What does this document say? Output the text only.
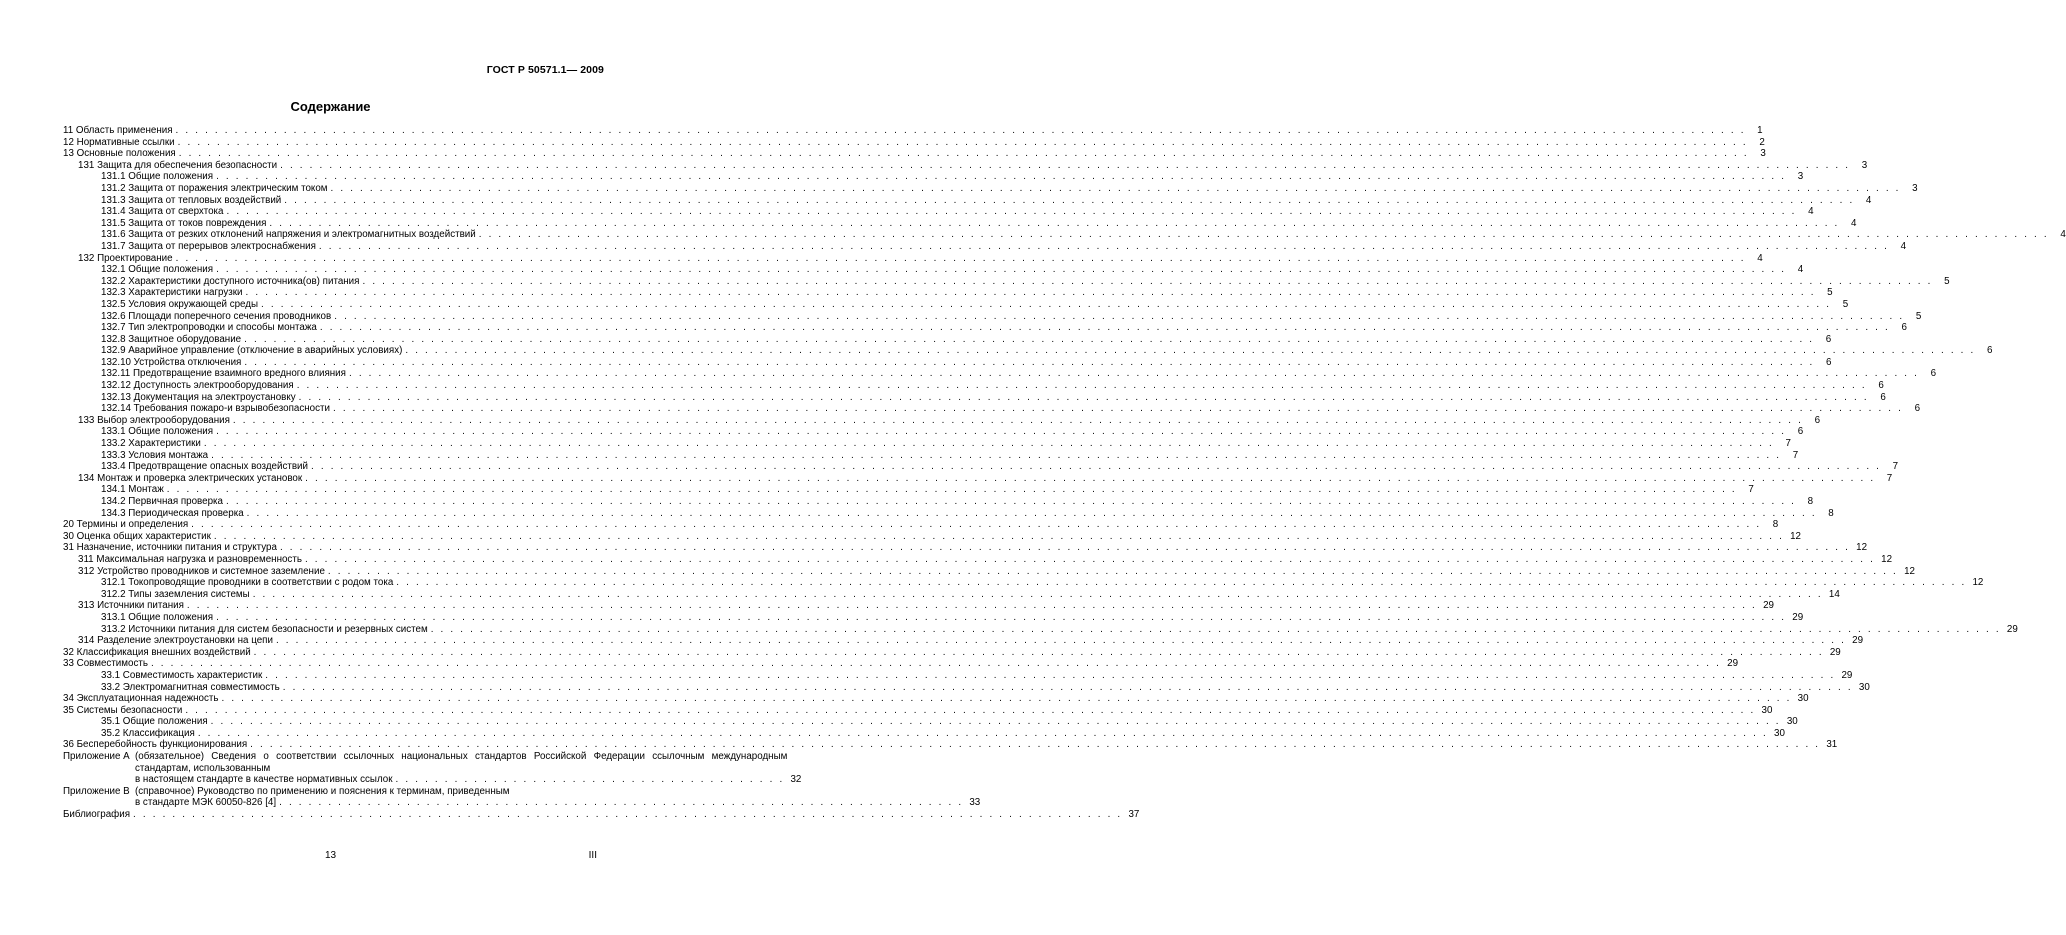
ГОСТ Р 50571.1— 2009
Содержание
11 Область применения . . . . . . . . . . . . . . . . . . . . . . . . . . . . . . . . . . . . . . . . . . . . . . . . . . . . . . . . . . . . . . . . . . . . . . . . . . . . . . . . . . . . . . . . . . . . . . . . . . . . . . . . . . . . . . . . . . . . . . . . . . . . . . . . . . . . . . . . . . . . . . . . . . . . . . . . . . . . . . . .	1
12 Нормативные ссылки . . . . . . . . . . . . . . . . . . . . . . . . . . . . . . . . . . . . . . . . . . . . . . . . . . . . . . . . . . . . . . . . . . . . . . . . . . . . . . . . . . . . . . . . . . . . . . . . . . . . . . . . . . . . . . . . . . . . . . . . . . . . . . . . . . . . . . . . . . . . . . . . . . . . . . . . . . . . . . . .	2
13 Основные положения . . . . . . . . . . . . . . . . . . . . . . . . . . . . . . . . . . . . . . . . . . . . . . . . . . . . . . . . . . . . . . . . . . . . . . . . . . . . . . . . . . . . . . . . . . . . . . . . . . . . . . . . . . . . . . . . . . . . . . . . . . . . . . . . . . . . . . . . . . . . . . . . . . . . . . . . . . . . . . . .	3
131 Защита для обеспечения безопасности . . . . . . . . . . . . . . . . . . . . . . . . . . . . . . . . . . . . . . . . . . . . . . . . . . . . . . . . . . . . . . . . . . . . . . . . . . . . . . . . . . . . . . . . . . . . . . . . . . . . . . . . . . . . . . . . . . . . . . . . . . . . . . . . . . . . . . . . . . . . . . . . . . . . . . . . . . . . . . . .	3
131.1 Общие положения . . . . . . . . . . . . . . . . . . . . . . . . . . . . . . . . . . . . . . . . . . . . . . . . . . . . . . . . . . . . . . . . . . . . . . . . . . . . . . . . . . . . . . . . . . . . . . . . . . . . . . . . . . . . . . . . . . . . . . . . . . . . . . . . . . . . . . . . . . . . . . . . . . . . . . . . . . . . . . . .	3
131.2 Защита от поражения электрическим током . . . . . . . . . . . . . . . . . . . . . . . . . . . . . . . . . . . . . . . . . . . . . . . . . . . . . . . . . . . . . . . . . . . . . . . . . . . . . . . . . . . . . . . . . . . . . . . . . . . . . . . . . . . . . . . . . . . . . . . . . . . . . . . . . . . . . . . . . . . . . . . . . . . . . . . . . . . . . . . .	3
131.3 Защита от тепловых воздействий . . . . . . . . . . . . . . . . . . . . . . . . . . . . . . . . . . . . . . . . . . . . . . . . . . . . . . . . . . . . . . . . . . . . . . . . . . . . . . . . . . . . . . . . . . . . . . . . . . . . . . . . . . . . . . . . . . . . . . . . . . . . . . . . . . . . . . . . . . . . . . . . . . . . . . . . . . . . . . . .	4
131.4 Защита от сверхтока . . . . . . . . . . . . . . . . . . . . . . . . . . . . . . . . . . . . . . . . . . . . . . . . . . . . . . . . . . . . . . . . . . . . . . . . . . . . . . . . . . . . . . . . . . . . . . . . . . . . . . . . . . . . . . . . . . . . . . . . . . . . . . . . . . . . . . . . . . . . . . . . . . . . . . . . . . . . . . . .	4
131.5 Защита от токов повреждения . . . . . . . . . . . . . . . . . . . . . . . . . . . . . . . . . . . . . . . . . . . . . . . . . . . . . . . . . . . . . . . . . . . . . . . . . . . . . . . . . . . . . . . . . . . . . . . . . . . . . . . . . . . . . . . . . . . . . . . . . . . . . . . . . . . . . . . . . . . . . . . . . . . . . . . . . . . . . . . .	4
131.6 Защита от резких отклонений напряжения и электромагнитных воздействий . . . . . . . . . . . . . . . . . . . . . . . . . . . . . . . . . . . . . . . . . . . . . . . . . . . . . . . . . . . . . . . . . . . . . . . . . . . . . . . . . . . . . . . . . . . . . . . . . . . . . . . . . . . . . . . . . . . . . . . . . . . . . . . . . . . . . . . . . . . . . . . . . . . . . . . . . . . . . . . .	4
131.7 Защита от перерывов электроснабжения . . . . . . . . . . . . . . . . . . . . . . . . . . . . . . . . . . . . . . . . . . . . . . . . . . . . . . . . . . . . . . . . . . . . . . . . . . . . . . . . . . . . . . . . . . . . . . . . . . . . . . . . . . . . . . . . . . . . . . . . . . . . . . . . . . . . . . . . . . . . . . . . . . . . . . . . . . . . . . . .	4
132 Проектирование . . . . . . . . . . . . . . . . . . . . . . . . . . . . . . . . . . . . . . . . . . . . . . . . . . . . . . . . . . . . . . . . . . . . . . . . . . . . . . . . . . . . . . . . . . . . . . . . . . . . . . . . . . . . . . . . . . . . . . . . . . . . . . . . . . . . . . . . . . . . . . . . . . . . . . . . . . . . . . . .	4
132.1 Общие положения . . . . . . . . . . . . . . . . . . . . . . . . . . . . . . . . . . . . . . . . . . . . . . . . . . . . . . . . . . . . . . . . . . . . . . . . . . . . . . . . . . . . . . . . . . . . . . . . . . . . . . . . . . . . . . . . . . . . . . . . . . . . . . . . . . . . . . . . . . . . . . . . . . . . . . . . . . . . . . . .	4
132.2 Характеристики доступного источника(ов) питания . . . . . . . . . . . . . . . . . . . . . . . . . . . . . . . . . . . . . . . . . . . . . . . . . . . . . . . . . . . . . . . . . . . . . . . . . . . . . . . . . . . . . . . . . . . . . . . . . . . . . . . . . . . . . . . . . . . . . . . . . . . . . . . . . . . . . . . . . . . . . . . . . . . . . . . . . . . . . . . .	5
132.3 Характеристики нагрузки . . . . . . . . . . . . . . . . . . . . . . . . . . . . . . . . . . . . . . . . . . . . . . . . . . . . . . . . . . . . . . . . . . . . . . . . . . . . . . . . . . . . . . . . . . . . . . . . . . . . . . . . . . . . . . . . . . . . . . . . . . . . . . . . . . . . . . . . . . . . . . . . . . . . . . . . . . . . . . . .	5
132.5 Условия окружающей среды . . . . . . . . . . . . . . . . . . . . . . . . . . . . . . . . . . . . . . . . . . . . . . . . . . . . . . . . . . . . . . . . . . . . . . . . . . . . . . . . . . . . . . . . . . . . . . . . . . . . . . . . . . . . . . . . . . . . . . . . . . . . . . . . . . . . . . . . . . . . . . . . . . . . . . . . . . . . . . . .	5
132.6 Площади поперечного сечения проводников . . . . . . . . . . . . . . . . . . . . . . . . . . . . . . . . . . . . . . . . . . . . . . . . . . . . . . . . . . . . . . . . . . . . . . . . . . . . . . . . . . . . . . . . . . . . . . . . . . . . . . . . . . . . . . . . . . . . . . . . . . . . . . . . . . . . . . . . . . . . . . . . . . . . . . . . . . . . . . . .	5
132.7 Тип электропроводки и способы монтажа . . . . . . . . . . . . . . . . . . . . . . . . . . . . . . . . . . . . . . . . . . . . . . . . . . . . . . . . . . . . . . . . . . . . . . . . . . . . . . . . . . . . . . . . . . . . . . . . . . . . . . . . . . . . . . . . . . . . . . . . . . . . . . . . . . . . . . . . . . . . . . . . . . . . . . . . . . . . . . . .	6
132.8 Защитное оборудование . . . . . . . . . . . . . . . . . . . . . . . . . . . . . . . . . . . . . . . . . . . . . . . . . . . . . . . . . . . . . . . . . . . . . . . . . . . . . . . . . . . . . . . . . . . . . . . . . . . . . . . . . . . . . . . . . . . . . . . . . . . . . . . . . . . . . . . . . . . . . . . . . . . . . . . . . . . . . . . .	6
132.9 Аварийное управление (отключение в аварийных условиях) . . . . . . . . . . . . . . . . . . . . . . . . . . . . . . . . . . . . . . . . . . . . . . . . . . . . . . . . . . . . . . . . . . . . . . . . . . . . . . . . . . . . . . . . . . . . . . . . . . . . . . . . . . . . . . . . . . . . . . . . . . . . . . . . . . . . . . . . . . . . . . . . . . . . . . . . . . . . . . . .	6
132.10 Устройства отключения . . . . . . . . . . . . . . . . . . . . . . . . . . . . . . . . . . . . . . . . . . . . . . . . . . . . . . . . . . . . . . . . . . . . . . . . . . . . . . . . . . . . . . . . . . . . . . . . . . . . . . . . . . . . . . . . . . . . . . . . . . . . . . . . . . . . . . . . . . . . . . . . . . . . . . . . . . . . . . . .	6
132.11 Предотвращение взаимного вредного влияния . . . . . . . . . . . . . . . . . . . . . . . . . . . . . . . . . . . . . . . . . . . . . . . . . . . . . . . . . . . . . . . . . . . . . . . . . . . . . . . . . . . . . . . . . . . . . . . . . . . . . . . . . . . . . . . . . . . . . . . . . . . . . . . . . . . . . . . . . . . . . . . . . . . . . . . . . . . . . . . .	6
132.12 Доступность электрооборудования . . . . . . . . . . . . . . . . . . . . . . . . . . . . . . . . . . . . . . . . . . . . . . . . . . . . . . . . . . . . . . . . . . . . . . . . . . . . . . . . . . . . . . . . . . . . . . . . . . . . . . . . . . . . . . . . . . . . . . . . . . . . . . . . . . . . . . . . . . . . . . . . . . . . . . . . . . . . . . . .	6
132.13 Документация на электроустановку . . . . . . . . . . . . . . . . . . . . . . . . . . . . . . . . . . . . . . . . . . . . . . . . . . . . . . . . . . . . . . . . . . . . . . . . . . . . . . . . . . . . . . . . . . . . . . . . . . . . . . . . . . . . . . . . . . . . . . . . . . . . . . . . . . . . . . . . . . . . . . . . . . . . . . . . . . . . . . . .	6
132.14 Требования пожаро-и взрывобезопасности . . . . . . . . . . . . . . . . . . . . . . . . . . . . . . . . . . . . . . . . . . . . . . . . . . . . . . . . . . . . . . . . . . . . . . . . . . . . . . . . . . . . . . . . . . . . . . . . . . . . . . . . . . . . . . . . . . . . . . . . . . . . . . . . . . . . . . . . . . . . . . . . . . . . . . . . . . . . . . . .	6
133 Выбор электрооборудования . . . . . . . . . . . . . . . . . . . . . . . . . . . . . . . . . . . . . . . . . . . . . . . . . . . . . . . . . . . . . . . . . . . . . . . . . . . . . . . . . . . . . . . . . . . . . . . . . . . . . . . . . . . . . . . . . . . . . . . . . . . . . . . . . . . . . . . . . . . . . . . . . . . . . . . . . . . . . . . .	6
133.1 Общие положения . . . . . . . . . . . . . . . . . . . . . . . . . . . . . . . . . . . . . . . . . . . . . . . . . . . . . . . . . . . . . . . . . . . . . . . . . . . . . . . . . . . . . . . . . . . . . . . . . . . . . . . . . . . . . . . . . . . . . . . . . . . . . . . . . . . . . . . . . . . . . . . . . . . . . . . . . . . . . . . .	6
133.2 Характеристики . . . . . . . . . . . . . . . . . . . . . . . . . . . . . . . . . . . . . . . . . . . . . . . . . . . . . . . . . . . . . . . . . . . . . . . . . . . . . . . . . . . . . . . . . . . . . . . . . . . . . . . . . . . . . . . . . . . . . . . . . . . . . . . . . . . . . . . . . . . . . . . . . . . . . . . . . . . . . . . .	7
133.3 Условия монтажа . . . . . . . . . . . . . . . . . . . . . . . . . . . . . . . . . . . . . . . . . . . . . . . . . . . . . . . . . . . . . . . . . . . . . . . . . . . . . . . . . . . . . . . . . . . . . . . . . . . . . . . . . . . . . . . . . . . . . . . . . . . . . . . . . . . . . . . . . . . . . . . . . . . . . . . . . . . . . . . .	7
133.4 Предотвращение опасных воздействий . . . . . . . . . . . . . . . . . . . . . . . . . . . . . . . . . . . . . . . . . . . . . . . . . . . . . . . . . . . . . . . . . . . . . . . . . . . . . . . . . . . . . . . . . . . . . . . . . . . . . . . . . . . . . . . . . . . . . . . . . . . . . . . . . . . . . . . . . . . . . . . . . . . . . . . . . . . . . . . .	7
134 Монтаж и проверка электрических установок . . . . . . . . . . . . . . . . . . . . . . . . . . . . . . . . . . . . . . . . . . . . . . . . . . . . . . . . . . . . . . . . . . . . . . . . . . . . . . . . . . . . . . . . . . . . . . . . . . . . . . . . . . . . . . . . . . . . . . . . . . . . . . . . . . . . . . . . . . . . . . . . . . . . . . . . . . . . . . . .	7
134.1 Монтаж . . . . . . . . . . . . . . . . . . . . . . . . . . . . . . . . . . . . . . . . . . . . . . . . . . . . . . . . . . . . . . . . . . . . . . . . . . . . . . . . . . . . . . . . . . . . . . . . . . . . . . . . . . . . . . . . . . . . . . . . . . . . . . . . . . . . . . . . . . . . . . . . . . . . . . . . . . . . . . . .	7
134.2 Первичная проверка . . . . . . . . . . . . . . . . . . . . . . . . . . . . . . . . . . . . . . . . . . . . . . . . . . . . . . . . . . . . . . . . . . . . . . . . . . . . . . . . . . . . . . . . . . . . . . . . . . . . . . . . . . . . . . . . . . . . . . . . . . . . . . . . . . . . . . . . . . . . . . . . . . . . . . . . . . . . . . . .	8
134.3 Периодическая проверка . . . . . . . . . . . . . . . . . . . . . . . . . . . . . . . . . . . . . . . . . . . . . . . . . . . . . . . . . . . . . . . . . . . . . . . . . . . . . . . . . . . . . . . . . . . . . . . . . . . . . . . . . . . . . . . . . . . . . . . . . . . . . . . . . . . . . . . . . . . . . . . . . . . . . . . . . . . . . . . .	8
20 Термины и определения . . . . . . . . . . . . . . . . . . . . . . . . . . . . . . . . . . . . . . . . . . . . . . . . . . . . . . . . . . . . . . . . . . . . . . . . . . . . . . . . . . . . . . . . . . . . . . . . . . . . . . . . . . . . . . . . . . . . . . . . . . . . . . . . . . . . . . . . . . . . . . . . . . . . . . . . . . . . . . . .	8
30 Оценка общих характеристик . . . . . . . . . . . . . . . . . . . . . . . . . . . . . . . . . . . . . . . . . . . . . . . . . . . . . . . . . . . . . . . . . . . . . . . . . . . . . . . . . . . . . . . . . . . . . . . . . . . . . . . . . . . . . . . . . . . . . . . . . . . . . . . . . . . . . . . . . . . . . . . . . . . . . . . . . . . . . . . . 12
31 Назначение, источники питания и структура . . . . . . . . . . . . . . . . . . . . . . . . . . . . . . . . . . . . . . . . . . . . . . . . . . . . . . . . . . . . . . . . . . . . . . . . . . . . . . . . . . . . . . . . . . . . . . . . . . . . . . . . . . . . . . . . . . . . . . . . . . . . . . . . . . . . . . . . . . . . . . . . . . . . . . . . . . . . . . . . 12
311 Максимальная нагрузка и разновременность . . . . . . . . . . . . . . . . . . . . . . . . . . . . . . . . . . . . . . . . . . . . . . . . . . . . . . . . . . . . . . . . . . . . . . . . . . . . . . . . . . . . . . . . . . . . . . . . . . . . . . . . . . . . . . . . . . . . . . . . . . . . . . . . . . . . . . . . . . . . . . . . . . . . . . . . . . . . . . . . 12
312 Устройство проводников и системное заземление . . . . . . . . . . . . . . . . . . . . . . . . . . . . . . . . . . . . . . . . . . . . . . . . . . . . . . . . . . . . . . . . . . . . . . . . . . . . . . . . . . . . . . . . . . . . . . . . . . . . . . . . . . . . . . . . . . . . . . . . . . . . . . . . . . . . . . . . . . . . . . . . . . . . . . . . . . . . . . . . 12
312.1 Токопроводящие проводники в соответствии с родом тока . . . . . . . . . . . . . . . . . . . . . . . . . . . . . . . . . . . . . . . . . . . . . . . . . . . . . . . . . . . . . . . . . . . . . . . . . . . . . . . . . . . . . . . . . . . . . . . . . . . . . . . . . . . . . . . . . . . . . . . . . . . . . . . . . . . . . . . . . . . . . . . . . . . . . . . . . . . . . . . . 12
312.2 Типы заземления системы . . . . . . . . . . . . . . . . . . . . . . . . . . . . . . . . . . . . . . . . . . . . . . . . . . . . . . . . . . . . . . . . . . . . . . . . . . . . . . . . . . . . . . . . . . . . . . . . . . . . . . . . . . . . . . . . . . . . . . . . . . . . . . . . . . . . . . . . . . . . . . . . . . . . . . . . . . . . . . . . 14
313 Источники питания . . . . . . . . . . . . . . . . . . . . . . . . . . . . . . . . . . . . . . . . . . . . . . . . . . . . . . . . . . . . . . . . . . . . . . . . . . . . . . . . . . . . . . . . . . . . . . . . . . . . . . . . . . . . . . . . . . . . . . . . . . . . . . . . . . . . . . . . . . . . . . . . . . . . . . . . . . . . . . . . 29
313.1 Общие положения . . . . . . . . . . . . . . . . . . . . . . . . . . . . . . . . . . . . . . . . . . . . . . . . . . . . . . . . . . . . . . . . . . . . . . . . . . . . . . . . . . . . . . . . . . . . . . . . . . . . . . . . . . . . . . . . . . . . . . . . . . . . . . . . . . . . . . . . . . . . . . . . . . . . . . . . . . . . . . . . 29
313.2 Источники питания для систем безопасности и резервных систем . . . . . . . . . . . . . . . . . . . . . . . . . . . . . . . . . . . . . . . . . . . . . . . . . . . . . . . . . . . . . . . . . . . . . . . . . . . . . . . . . . . . . . . . . . . . . . . . . . . . . . . . . . . . . . . . . . . . . . . . . . . . . . . . . . . . . . . . . . . . . . . . . . . . . . . . . . . . . . . . 29
314 Разделение электроустановки на цепи . . . . . . . . . . . . . . . . . . . . . . . . . . . . . . . . . . . . . . . . . . . . . . . . . . . . . . . . . . . . . . . . . . . . . . . . . . . . . . . . . . . . . . . . . . . . . . . . . . . . . . . . . . . . . . . . . . . . . . . . . . . . . . . . . . . . . . . . . . . . . . . . . . . . . . . . . . . . . . . . 29
32 Классификация внешних воздействий . . . . . . . . . . . . . . . . . . . . . . . . . . . . . . . . . . . . . . . . . . . . . . . . . . . . . . . . . . . . . . . . . . . . . . . . . . . . . . . . . . . . . . . . . . . . . . . . . . . . . . . . . . . . . . . . . . . . . . . . . . . . . . . . . . . . . . . . . . . . . . . . . . . . . . . . . . . . . . . . 29
33 Совместимость . . . . . . . . . . . . . . . . . . . . . . . . . . . . . . . . . . . . . . . . . . . . . . . . . . . . . . . . . . . . . . . . . . . . . . . . . . . . . . . . . . . . . . . . . . . . . . . . . . . . . . . . . . . . . . . . . . . . . . . . . . . . . . . . . . . . . . . . . . . . . . . . . . . . . . . . . . . . . . . . 29
33.1 Совместимость характеристик . . . . . . . . . . . . . . . . . . . . . . . . . . . . . . . . . . . . . . . . . . . . . . . . . . . . . . . . . . . . . . . . . . . . . . . . . . . . . . . . . . . . . . . . . . . . . . . . . . . . . . . . . . . . . . . . . . . . . . . . . . . . . . . . . . . . . . . . . . . . . . . . . . . . . . . . . . . . . . . . 29
33.2 Электромагнитная совместимость . . . . . . . . . . . . . . . . . . . . . . . . . . . . . . . . . . . . . . . . . . . . . . . . . . . . . . . . . . . . . . . . . . . . . . . . . . . . . . . . . . . . . . . . . . . . . . . . . . . . . . . . . . . . . . . . . . . . . . . . . . . . . . . . . . . . . . . . . . . . . . . . . . . . . . . . . . . . . . . . 30
34 Эксплуатационная надежность . . . . . . . . . . . . . . . . . . . . . . . . . . . . . . . . . . . . . . . . . . . . . . . . . . . . . . . . . . . . . . . . . . . . . . . . . . . . . . . . . . . . . . . . . . . . . . . . . . . . . . . . . . . . . . . . . . . . . . . . . . . . . . . . . . . . . . . . . . . . . . . . . . . . . . . . . . . . . . . . 30
35 Системы безопасности . . . . . . . . . . . . . . . . . . . . . . . . . . . . . . . . . . . . . . . . . . . . . . . . . . . . . . . . . . . . . . . . . . . . . . . . . . . . . . . . . . . . . . . . . . . . . . . . . . . . . . . . . . . . . . . . . . . . . . . . . . . . . . . . . . . . . . . . . . . . . . . . . . . . . . . . . . . . . . . . 30
35.1 Общие положения . . . . . . . . . . . . . . . . . . . . . . . . . . . . . . . . . . . . . . . . . . . . . . . . . . . . . . . . . . . . . . . . . . . . . . . . . . . . . . . . . . . . . . . . . . . . . . . . . . . . . . . . . . . . . . . . . . . . . . . . . . . . . . . . . . . . . . . . . . . . . . . . . . . . . . . . . . . . . . . . 30
35.2 Классификация . . . . . . . . . . . . . . . . . . . . . . . . . . . . . . . . . . . . . . . . . . . . . . . . . . . . . . . . . . . . . . . . . . . . . . . . . . . . . . . . . . . . . . . . . . . . . . . . . . . . . . . . . . . . . . . . . . . . . . . . . . . . . . . . . . . . . . . . . . . . . . . . . . . . . . . . . . . . . . . . 30
36 Бесперебойность функционирования . . . . . . . . . . . . . . . . . . . . . . . . . . . . . . . . . . . . . . . . . . . . . . . . . . . . . . . . . . . . . . . . . . . . . . . . . . . . . . . . . . . . . . . . . . . . . . . . . . . . . . . . . . . . . . . . . . . . . . . . . . . . . . . . . . . . . . . . . . . . . . . . . . . . . . . . . . . . . . . . 31
Приложение А (обязательное) Сведения о соответствии ссылочных национальных стандартов Российской Федерации ссылочным международным стандартам, использованным
в настоящем стандарте в качестве нормативных ссылок . . . . . . . . . . . . . . . . . . . . . . . . . . . . . . . . . . . . . . . . 32
Приложение В (справочное) Руководство по применению и пояснения к терминам, приведенным
в стандарте МЭК 60050-826 [4] . . . . . . . . . . . . . . . . . . . . . . . . . . . . . . . . . . . . . . . . . . . . . . . . . . . . . . . . . . . . . . . . . . . . . . 33
Библиография . . . . . . . . . . . . . . . . . . . . . . . . . . . . . . . . . . . . . . . . . . . . . . . . . . . . . . . . . . . . . . . . . . . . . . . . . . . . . . . . . . . . . . . . . . . . . . . . . . . . . 37
13	III
